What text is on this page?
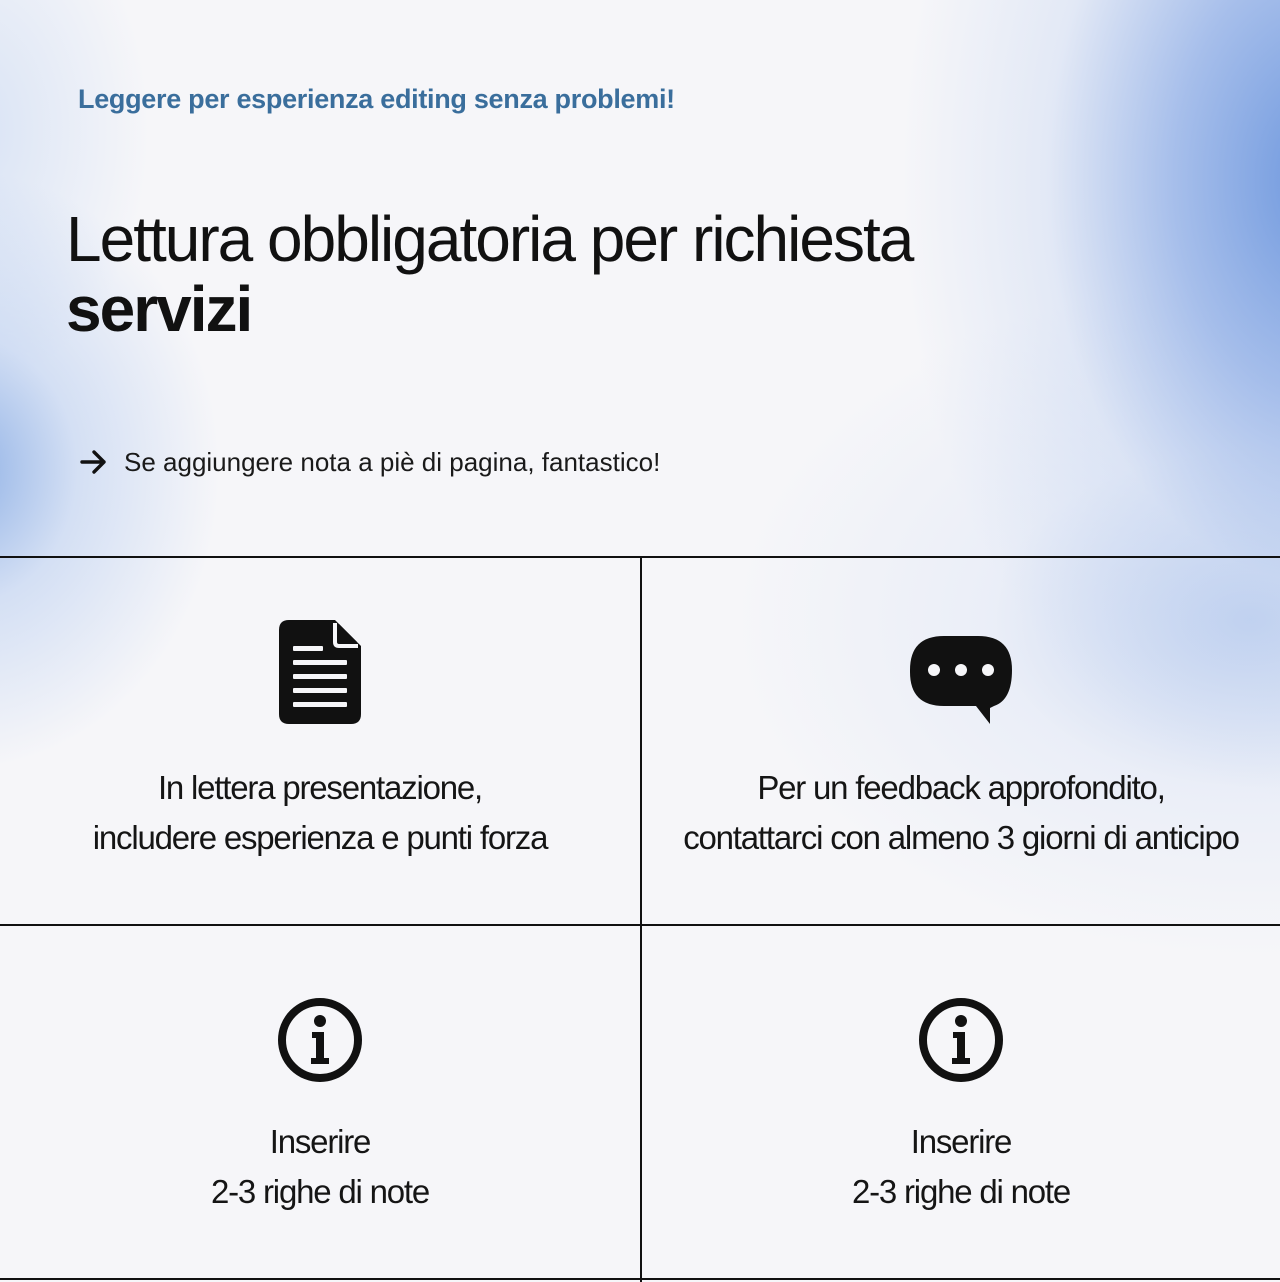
Leggere per esperienza editing senza problemi!
Lettura obbligatoria per richiesta
servizi
Se aggiungere nota a piè di pagina, fantastico!
In lettera presentazione,
includere esperienza e punti forza
Per un feedback approfondito,
contattarci con almeno 3 giorni di anticipo
Inserire
2-3 righe di note
Inserire
2-3 righe di note
